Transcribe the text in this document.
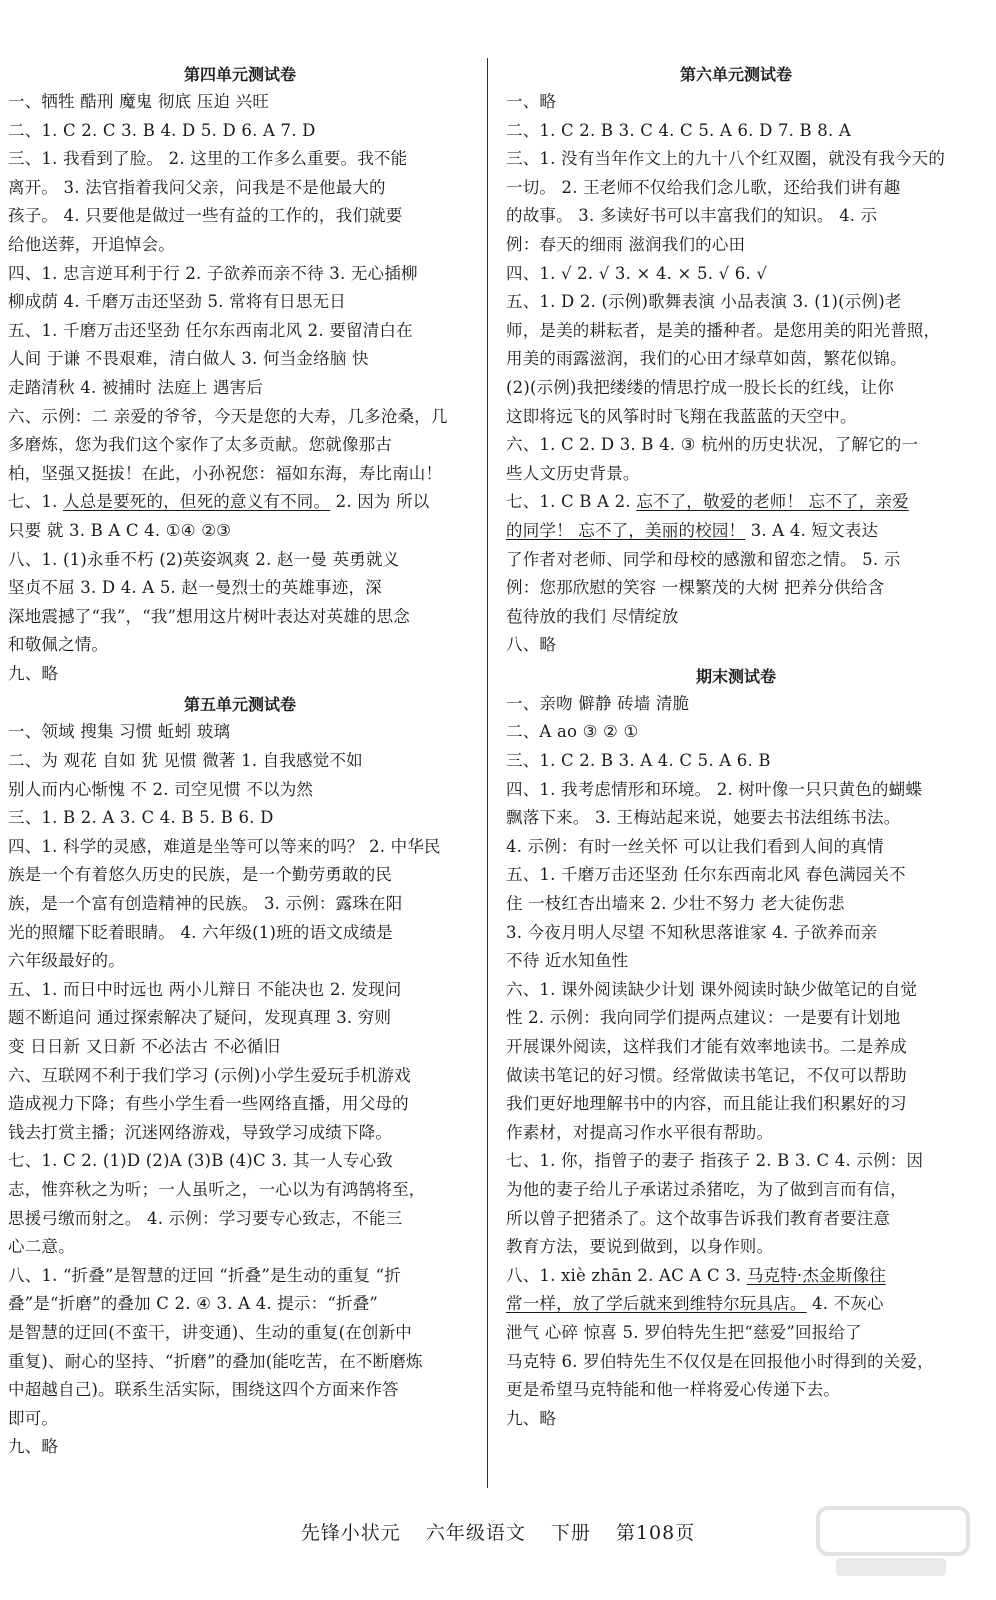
第四单元测试卷
一、牺牲 酷刑 魔鬼 彻底 压迫 兴旺
二、1. C 2. C 3. B 4. D 5. D 6. A 7. D
三、1. 我看到了脸。 2. 这里的工作多么重要。我不能
离开。 3. 法官指着我问父亲，问我是不是他最大的
孩子。 4. 只要他是做过一些有益的工作的，我们就要
给他送葬，开追悼会。
四、1. 忠言逆耳利于行 2. 子欲养而亲不待 3. 无心插柳
柳成荫 4. 千磨万击还坚劲 5. 常将有日思无日
五、1. 千磨万击还坚劲 任尔东西南北风 2. 要留清白在
人间 于谦 不畏艰难，清白做人 3. 何当金络脑 快
走踏清秋 4. 被捕时 法庭上 遇害后
六、示例：二 亲爱的爷爷，今天是您的大寿，几多沧桑，几
多磨炼，您为我们这个家作了太多贡献。您就像那古
柏，坚强又挺拔！在此，小孙祝您：福如东海，寿比南山！
七、1. 人总是要死的，但死的意义有不同。 2. 因为 所以
只要 就 3. B A C 4. ①④ ②③
八、1. (1)永垂不朽 (2)英姿飒爽 2. 赵一曼 英勇就义
坚贞不屈 3. D 4. A 5. 赵一曼烈士的英雄事迹，深
深地震撼了“我”，“我”想用这片树叶表达对英雄的思念
和敬佩之情。
九、略
第五单元测试卷
一、领域 搜集 习惯 蚯蚓 玻璃
二、为 观花 自如 犹 见惯 微著 1. 自我感觉不如
别人而内心惭愧 不 2. 司空见惯 不以为然
三、1. B 2. A 3. C 4. B 5. B 6. D
四、1. 科学的灵感，难道是坐等可以等来的吗？ 2. 中华民
族是一个有着悠久历史的民族，是一个勤劳勇敢的民
族，是一个富有创造精神的民族。 3. 示例：露珠在阳
光的照耀下眨着眼睛。 4. 六年级(1)班的语文成绩是
六年级最好的。
五、1. 而日中时远也 两小儿辩日 不能决也 2. 发现问
题不断追问 通过探索解决了疑问，发现真理 3. 穷则
变 日日新 又日新 不必法古 不必循旧
六、互联网不利于我们学习 (示例)小学生爱玩手机游戏
造成视力下降；有些小学生看一些网络直播，用父母的
钱去打赏主播；沉迷网络游戏，导致学习成绩下降。
七、1. C 2. (1)D (2)A (3)B (4)C 3. 其一人专心致
志，惟弈秋之为听；一人虽听之，一心以为有鸿鹄将至，
思援弓缴而射之。 4. 示例：学习要专心致志，不能三
心二意。
八、1. “折叠”是智慧的迂回 “折叠”是生动的重复 “折
叠”是“折磨”的叠加 C 2. ④ 3. A 4. 提示：“折叠”
是智慧的迂回(不蛮干，讲变通)、生动的重复(在创新中
重复)、耐心的坚持、“折磨”的叠加(能吃苦，在不断磨炼
中超越自己)。联系生活实际，围绕这四个方面来作答
即可。
九、略
第六单元测试卷
一、略
二、1. C 2. B 3. C 4. C 5. A 6. D 7. B 8. A
三、1. 没有当年作文上的九十八个红双圈，就没有我今天的
一切。 2. 王老师不仅给我们念儿歌，还给我们讲有趣
的故事。 3. 多读好书可以丰富我们的知识。 4. 示
例：春天的细雨 滋润我们的心田
四、1. √ 2. √ 3. × 4. × 5. √ 6. √
五、1. D 2. (示例)歌舞表演 小品表演 3. (1)(示例)老
师，是美的耕耘者，是美的播种者。是您用美的阳光普照，
用美的雨露滋润，我们的心田才绿草如茵，繁花似锦。
(2)(示例)我把缕缕的情思拧成一股长长的红线，让你
这即将远飞的风筝时时飞翔在我蓝蓝的天空中。
六、1. C 2. D 3. B 4. ③ 杭州的历史状况，了解它的一
些人文历史背景。
七、1. C B A 2. 忘不了，敬爱的老师！ 忘不了，亲爱
的同学！ 忘不了，美丽的校园！ 3. A 4. 短文表达
了作者对老师、同学和母校的感激和留恋之情。 5. 示
例：您那欣慰的笑容 一棵繁茂的大树 把养分供给含
苞待放的我们 尽情绽放
八、略
期末测试卷
一、亲吻 僻静 砖墙 清脆
二、A ao ③ ② ①
三、1. C 2. B 3. A 4. C 5. A 6. B
四、1. 我考虑情形和环境。 2. 树叶像一只只黄色的蝴蝶
飘落下来。 3. 王梅站起来说，她要去书法组练书法。
4. 示例：有时一丝关怀 可以让我们看到人间的真情
五、1. 千磨万击还坚劲 任尔东西南北风 春色满园关不
住 一枝红杏出墙来 2. 少壮不努力 老大徒伤悲
3. 今夜月明人尽望 不知秋思落谁家 4. 子欲养而亲
不待 近水知鱼性
六、1. 课外阅读缺少计划 课外阅读时缺少做笔记的自觉
性 2. 示例：我向同学们提两点建议：一是要有计划地
开展课外阅读，这样我们才能有效率地读书。二是养成
做读书笔记的好习惯。经常做读书笔记，不仅可以帮助
我们更好地理解书中的内容，而且能让我们积累好的习
作素材，对提高习作水平很有帮助。
七、1. 你，指曾子的妻子 指孩子 2. B 3. C 4. 示例：因
为他的妻子给儿子承诺过杀猪吃，为了做到言而有信，
所以曾子把猪杀了。这个故事告诉我们教育者要注意
教育方法，要说到做到，以身作则。
八、1. xiè zhān 2. AC A C 3. 马克特·杰金斯像往
常一样，放了学后就来到维特尔玩具店。 4. 不灰心
泄气 心碎 惊喜 5. 罗伯特先生把“慈爱”回报给了
马克特 6. 罗伯特先生不仅仅是在回报他小时得到的关爱，
更是希望马克特能和他一样将爱心传递下去。
九、略
先锋小状元 六年级语文 下册 第108页
